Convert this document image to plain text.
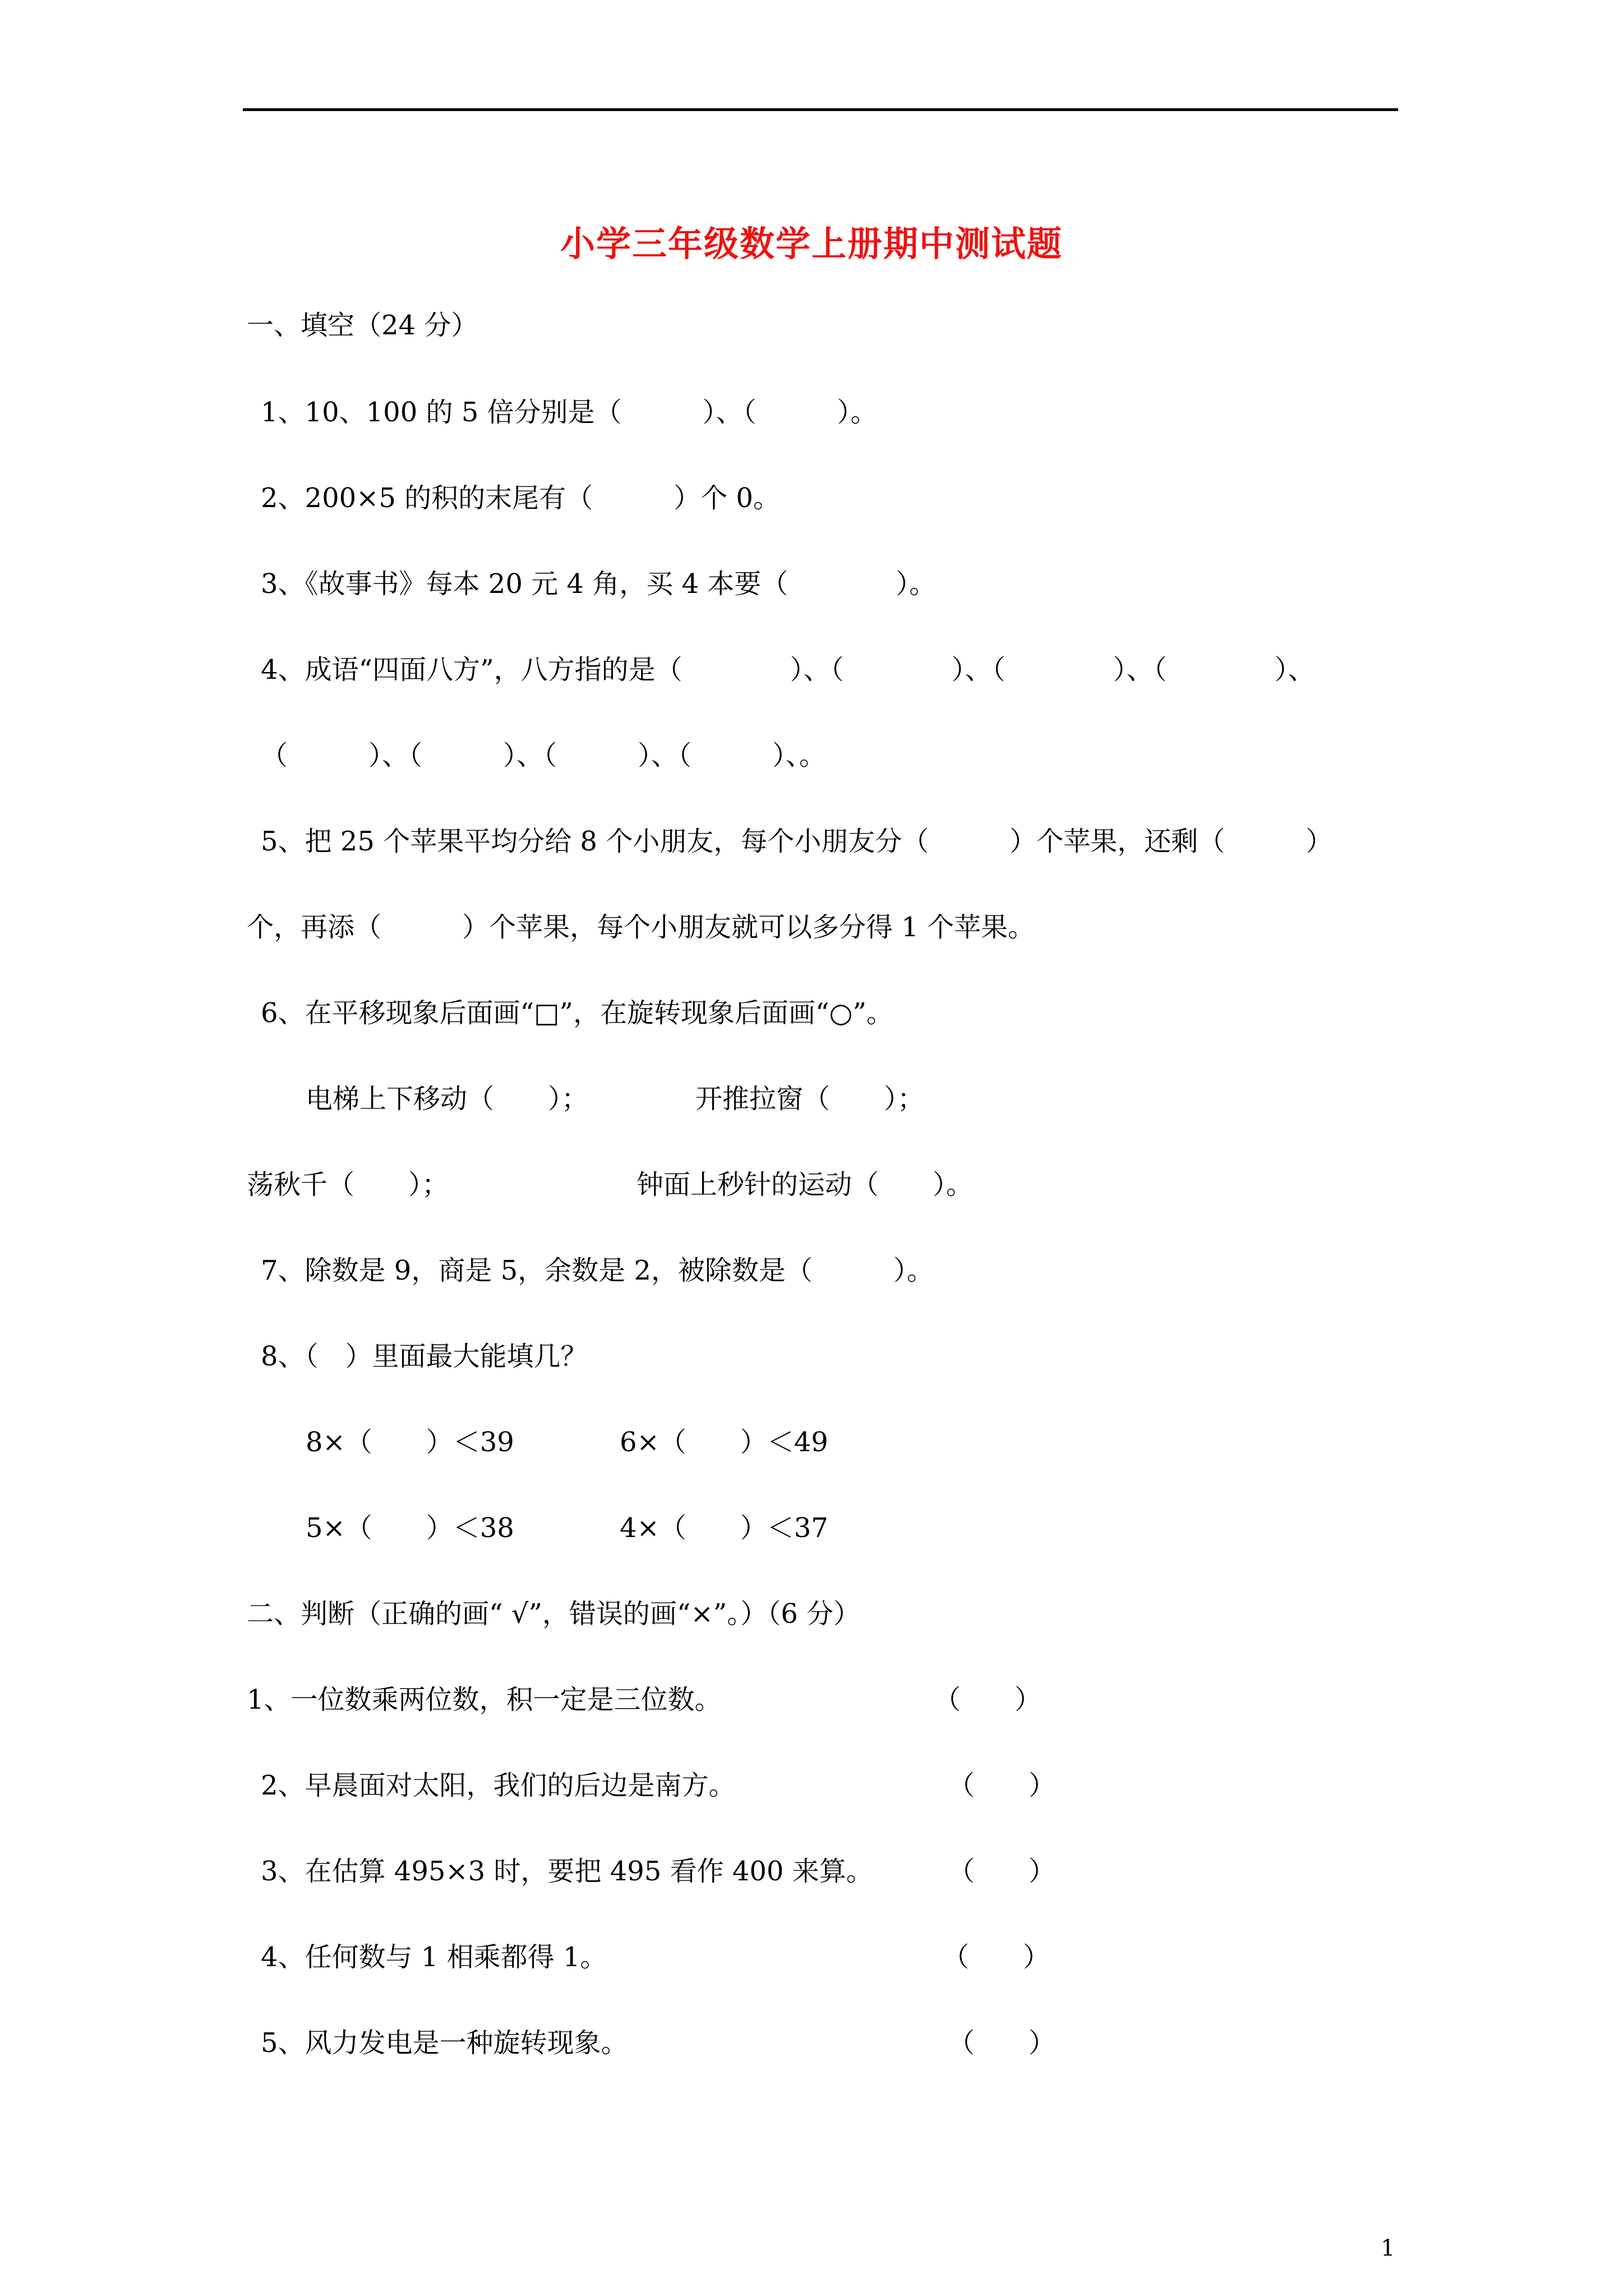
小学三年级数学上册期中测试题
一、填空（24 分）
1、10、100 的 5 倍分别是（　　　）、（　　　）。
2、200×5 的积的末尾有（　　　）个 0。
3、《故事书》每本 20 元 4 角，买 4 本要（　　　　）。
4、成语“四面八方”，八方指的是（　　　　）、（　　　　）、（　　　　）、（　　　　）、
（　　　）、（　　　）、（　　　）、（　　　）、。
5、把 25 个苹果平均分给 8 个小朋友，每个小朋友分（　　　）个苹果，还剩（　　　）
个，再添（　　　）个苹果，每个小朋友就可以多分得 1 个苹果。
6、在平移现象后面画“□”，在旋转现象后面画“○”。
电梯上下移动（　　）；	开推拉窗（　　）；
荡秋千（　　）；	钟面上秒针的运动（　　）。
7、除数是 9，商是 5，余数是 2，被除数是（　　　）。
8、（　）里面最大能填几？
8×（　　）＜39	6×（　　）＜49
5×（　　）＜38	4×（　　）＜37
二、判断（正确的画“ √”，错误的画“×”。）（6 分）
1、一位数乘两位数，积一定是三位数。	（　　）
2、早晨面对太阳，我们的后边是南方。	（　　）
3、在估算 495×3 时，要把 495 看作 400 来算。	（　　）
4、任何数与 1 相乘都得 1。	（　　）
5、风力发电是一种旋转现象。	（　　）
1
